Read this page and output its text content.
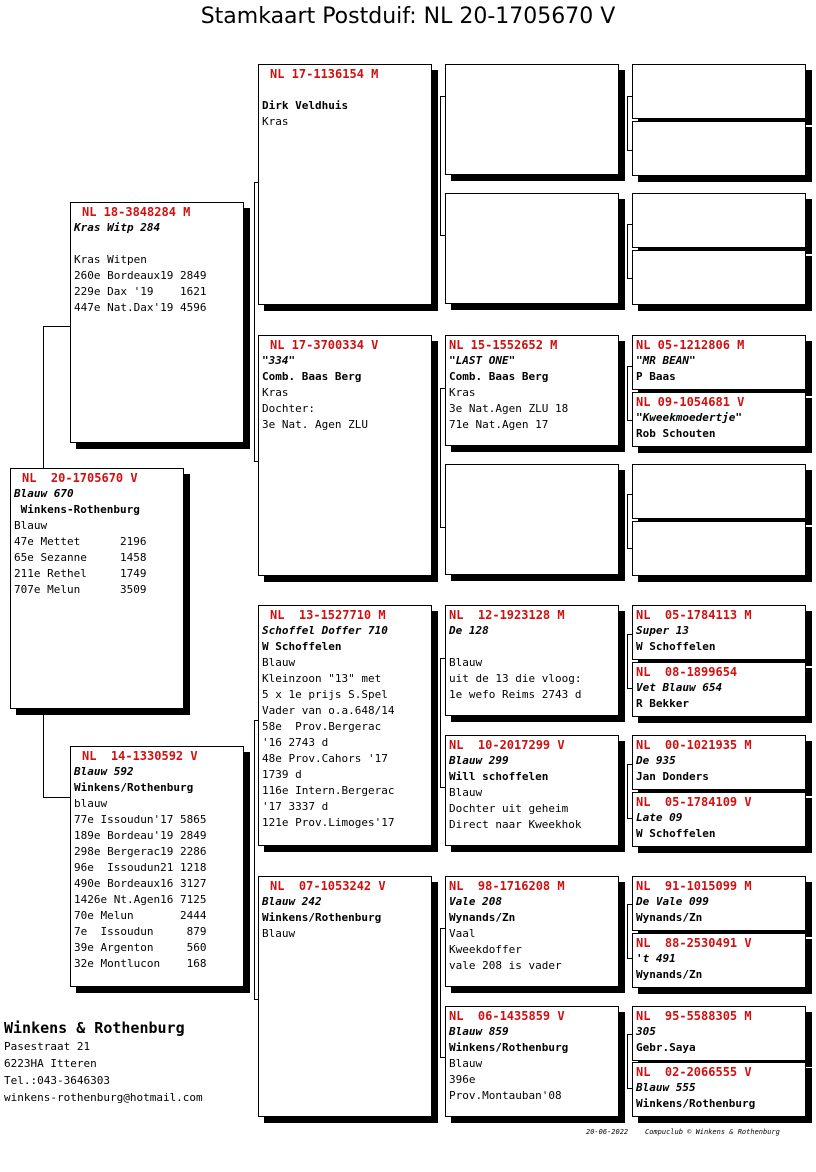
Stamkaart Postduif: NL 20-1705670 V
NL  20-1705670 V
Blauw 670
Winkens-Rothenburg
Blauw
47e Mettet      2196
65e Sezanne     1458
211e Rethel     1749
707e Melun      3509
NL 18-3848284 M
Kras Witp 284
Kras Witpen
260e Bordeaux19 2849
229e Dax '19    1621
447e Nat.Dax'19 4596
NL  14-1330592 V
Blauw 592
Winkens/Rothenburg
blauw
77e Issoudun'17 5865
189e Bordeau'19 2849
298e Bergerac19 2286
96e  Issoudun21 1218
490e Bordeaux16 3127
1426e Nt.Agen16 7125
70e Melun       2444
7e  Issoudun     879
39e Argenton     560
32e Montlucon    168
NL 17-1136154 M
Dirk Veldhuis
Kras
NL 17-3700334 V
"334"
Comb. Baas Berg
Kras
Dochter:
3e Nat. Agen ZLU
NL  13-1527710 M
Schoffel Doffer 710
W Schoffelen
Blauw
Kleinzoon "13" met
5 x 1e prijs S.Spel
Vader van o.a.648/14
58e  Prov.Bergerac
'16 2743 d
48e Prov.Cahors '17
1739 d
116e Intern.Bergerac
'17 3337 d
121e Prov.Limoges'17
NL  07-1053242 V
Blauw 242
Winkens/Rothenburg
Blauw
NL 15-1552652 M
"LAST ONE"
Comb. Baas Berg
Kras
3e Nat.Agen ZLU 18
71e Nat.Agen 17
NL  12-1923128 M
De 128
Blauw
uit de 13 die vloog:
1e wefo Reims 2743 d
NL  10-2017299 V
Blauw 299
Will schoffelen
Blauw
Dochter uit geheim
Direct naar Kweekhok
NL  98-1716208 M
Vale 208
Wynands/Zn
Vaal
Kweekdoffer
vale 208 is vader
NL  06-1435859 V
Blauw 859
Winkens/Rothenburg
Blauw
396e
Prov.Montauban'08
NL 05-1212806 M
"MR BEAN"
P Baas
NL 09-1054681 V
"Kweekmoedertje"
Rob Schouten
NL  05-1784113 M
Super 13
W Schoffelen
NL  08-1899654
Vet Blauw 654
R Bekker
NL  00-1021935 M
De 935
Jan Donders
NL  05-1784109 V
Late 09
W Schoffelen
NL  91-1015099 M
De Vale 099
Wynands/Zn
NL  88-2530491 V
't 491
Wynands/Zn
NL  95-5588305 M
305
Gebr.Saya
NL  02-2066555 V
Blauw 555
Winkens/Rothenburg
Winkens & Rothenburg
Pasestraat 21
6223HA Itteren
Tel.:043-3646303
winkens-rothenburg@hotmail.com
20-06-2022    Compuclub © Winkens & Rothenburg
